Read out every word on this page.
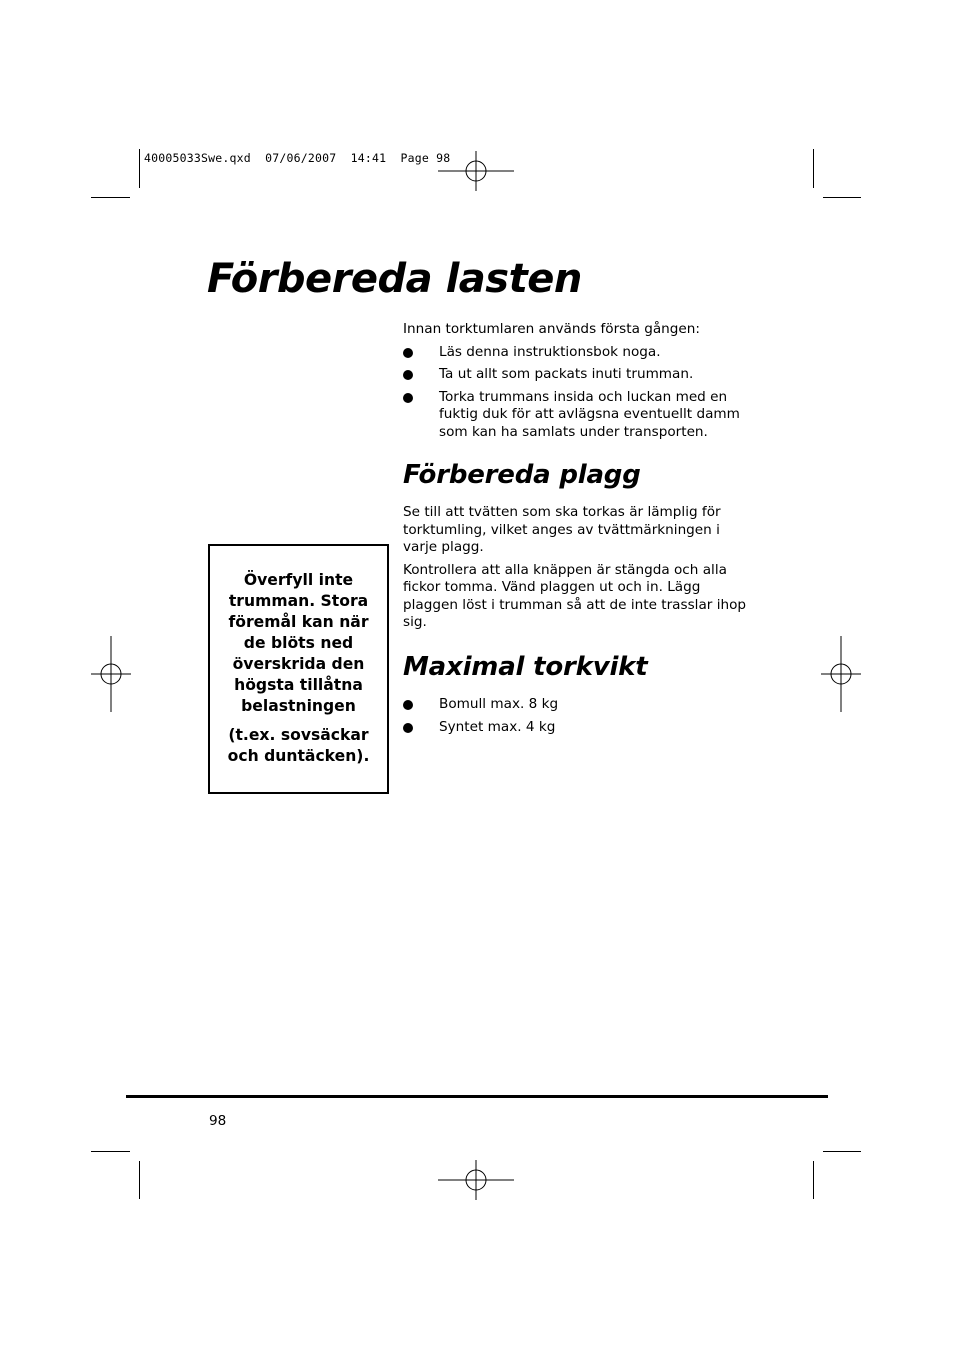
40005033Swe.qxd 07/06/2007 14:41 Page 98
Förbereda lasten

Innan torktumlaren används första gången:

Läs denna instruktionsbok noga.
Ta ut allt som packats inuti trumman.
Torka trummans insida och luckan med en fuktig duk för att avlägsna eventuellt damm som kan ha samlats under transporten.
Förbereda plagg

Se till att tvätten som ska torkas är lämplig för torktumling, vilket anges av tvättmärkningen i varje plagg.

Kontrollera att alla knäppen är stängda och alla fickor tomma. Vänd plaggen ut och in. Lägg plaggen löst i trumman så att de inte trasslar ihop sig.

Maximal torkvikt
Bomull max. 8 kg
Syntet max. 4 kg

Överfyll inte trumman. Stora föremål kan när de blöts ned överskrida den högsta tillåtna belastningen

(t.ex. sovsäckar och duntäcken).

98
